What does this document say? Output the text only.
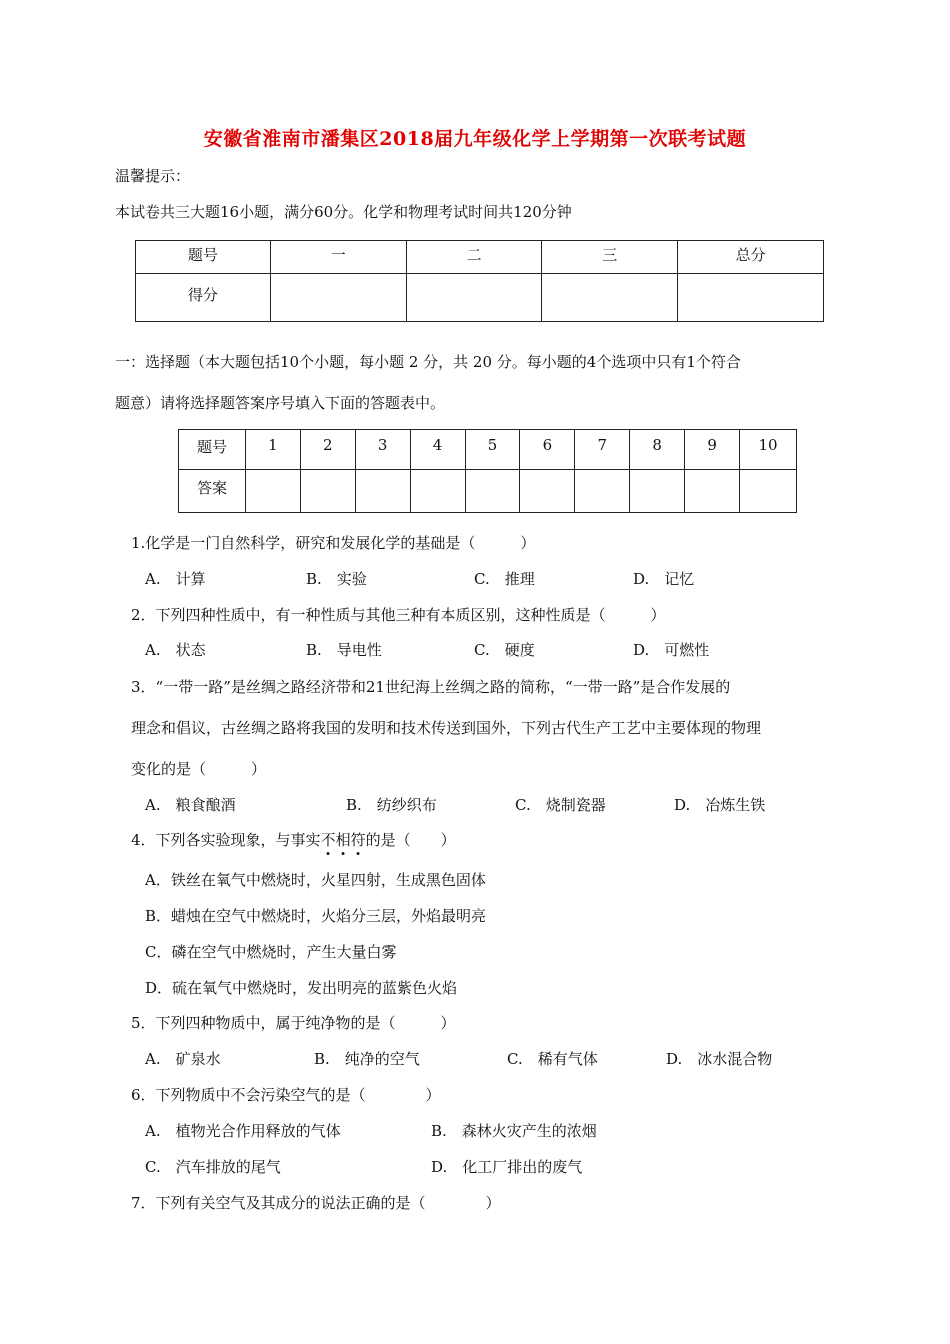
安徽省淮南市潘集区2018届九年级化学上学期第一次联考试题
温馨提示：
本试卷共三大题16小题，满分60分。化学和物理考试时间共120分钟
题号	一	二	三	总分
得分				
一：选择题（本大题包括10个小题，每小题 2 分，共 20 分。每小题的4个选项中只有1个符合
题意）请将选择题答案序号填入下面的答题表中。
题号	1	2	3	4	5	6	7	8	9	10
答案										
1.化学是一门自然科学，研究和发展化学的基础是（　　　）
A.　计算	B.　实验	C.　推理	D.　记忆
2．下列四种性质中，有一种性质与其他三种有本质区别，这种性质是（　　　）
A.　状态	B.　导电性	C.　硬度	D.　可燃性
3．“一带一路”是丝绸之路经济带和21世纪海上丝绸之路的简称，“一带一路”是合作发展的
理念和倡议，古丝绸之路将我国的发明和技术传送到国外，下列古代生产工艺中主要体现的物理
变化的是（　　　）
A.　粮食酿酒	B.　纺纱织布	C.　烧制瓷器	D.　冶炼生铁
4．下列各实验现象，与事实不相符的是（　　）
A．铁丝在氧气中燃烧时，火星四射，生成黑色固体
B．蜡烛在空气中燃烧时，火焰分三层，外焰最明亮
C．磷在空气中燃烧时，产生大量白雾
D．硫在氧气中燃烧时，发出明亮的蓝紫色火焰
5．下列四种物质中，属于纯净物的是（　　　）
A.　矿泉水	B.　纯净的空气	C.　稀有气体	D.　冰水混合物
6．下列物质中不会污染空气的是（　　　　）
A.　植物光合作用释放的气体	B.　森林火灾产生的浓烟
C.　汽车排放的尾气	D.　化工厂排出的废气
7．下列有关空气及其成分的说法正确的是（　　　　）
